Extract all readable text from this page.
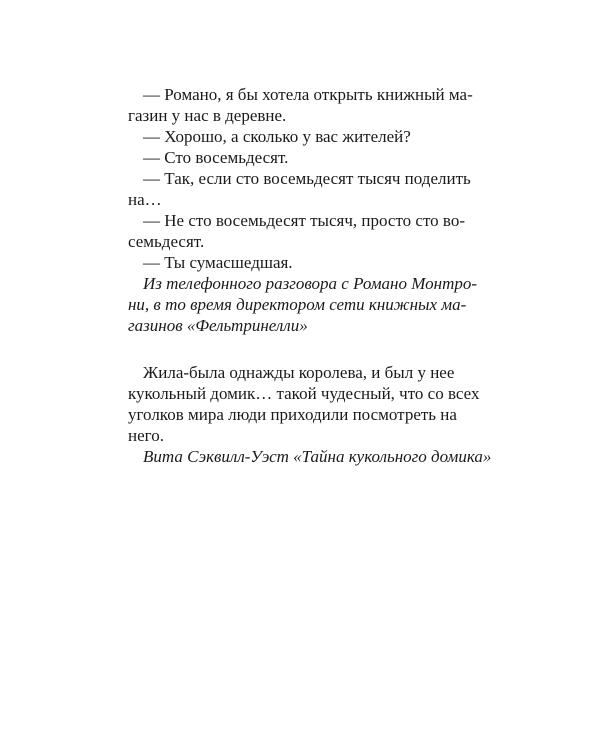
— Романо, я бы хотела открыть книжный ма-

газин у нас в деревне.

— Хорошо, а сколько у вас жителей?

— Сто восемьдесят.

— Так, если сто восемьдесят тысяч поделить

на…

— Не сто восемьдесят тысяч, просто сто во-

семьдесят.

— Ты сумасшедшая.

Из телефонного разговора с Романо Монтро-

ни, в то время директором сети книжных ма-

газинов «Фельтринелли»

Жила-была однажды королева, и был у нее

кукольный домик… такой чудесный, что со всех

уголков мира люди приходили посмотреть на

него.

Вита Сэквилл-Уэст «Тайна кукольного домика»
